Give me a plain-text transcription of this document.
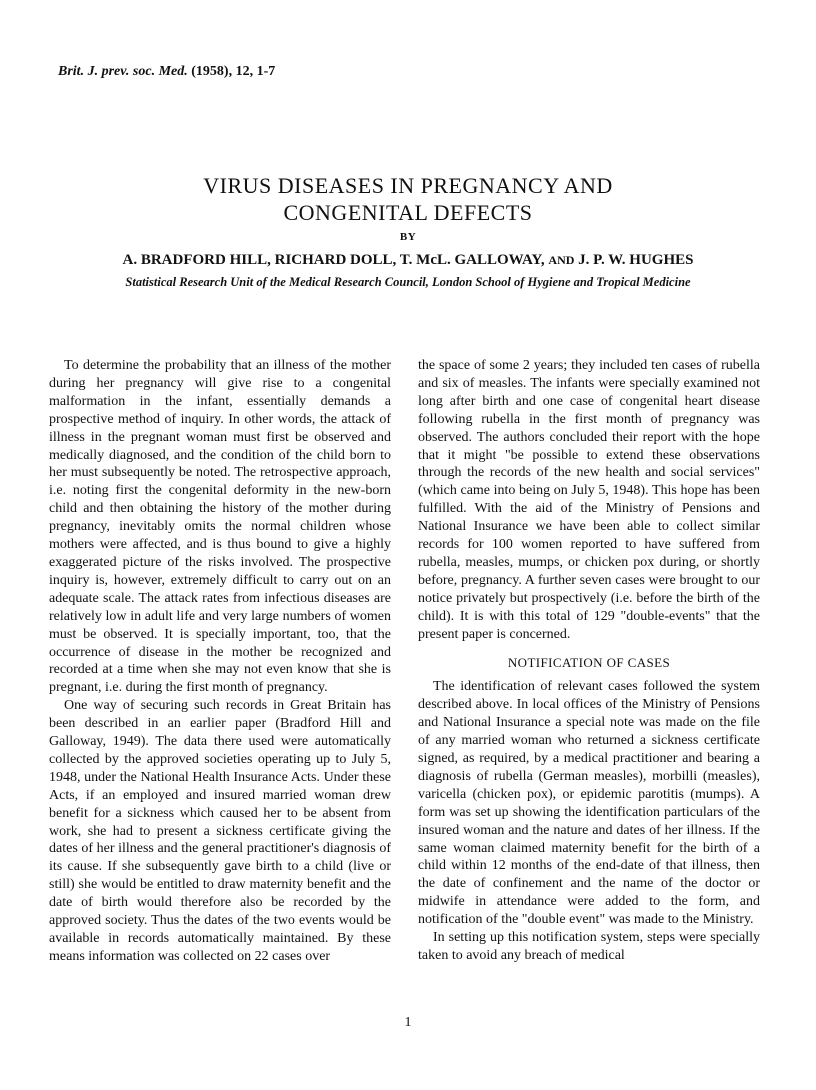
Brit. J. prev. soc. Med. (1958), 12, 1-7
VIRUS DISEASES IN PREGNANCY AND
CONGENITAL DEFECTS
BY
A. BRADFORD HILL, RICHARD DOLL, T. McL. GALLOWAY, AND J. P. W. HUGHES
Statistical Research Unit of the Medical Research Council, London School of Hygiene and Tropical Medicine

To determine the probability that an illness of the mother during her pregnancy will give rise to a congenital malformation in the infant, essentially demands a prospective method of inquiry. In other words, the attack of illness in the pregnant woman must first be observed and medically diagnosed, and the condition of the child born to her must subsequently be noted. The retrospective approach, i.e. noting first the congenital deformity in the new-born child and then obtaining the history of the mother during pregnancy, inevitably omits the normal children whose mothers were affected, and is thus bound to give a highly exaggerated picture of the risks involved. The prospective inquiry is, however, extremely difficult to carry out on an adequate scale. The attack rates from infectious diseases are relatively low in adult life and very large numbers of women must be observed. It is specially important, too, that the occurrence of disease in the mother be recognized and recorded at a time when she may not even know that she is pregnant, i.e. during the first month of pregnancy.

One way of securing such records in Great Britain has been described in an earlier paper (Bradford Hill and Galloway, 1949). The data there used were automatically collected by the approved societies operating up to July 5, 1948, under the National Health Insurance Acts. Under these Acts, if an employed and insured married woman drew benefit for a sickness which caused her to be absent from work, she had to present a sickness certificate giving the dates of her illness and the general practitioner's diagnosis of its cause. If she subsequently gave birth to a child (live or still) she would be entitled to draw maternity benefit and the date of birth would therefore also be recorded by the approved society. Thus the dates of the two events would be available in records automatically maintained. By these means information was collected on 22 cases over

the space of some 2 years; they included ten cases of rubella and six of measles. The infants were specially examined not long after birth and one case of congenital heart disease following rubella in the first month of pregnancy was observed. The authors concluded their report with the hope that it might "be possible to extend these observations through the records of the new health and social services" (which came into being on July 5, 1948). This hope has been fulfilled. With the aid of the Ministry of Pensions and National Insurance we have been able to collect similar records for 100 women reported to have suffered from rubella, measles, mumps, or chicken pox during, or shortly before, pregnancy. A further seven cases were brought to our notice privately but prospectively (i.e. before the birth of the child). It is with this total of 129 "double-events" that the present paper is concerned.

NOTIFICATION OF CASES

The identification of relevant cases followed the system described above. In local offices of the Ministry of Pensions and National Insurance a special note was made on the file of any married woman who returned a sickness certificate signed, as required, by a medical practitioner and bearing a diagnosis of rubella (German measles), morbilli (measles), varicella (chicken pox), or epidemic parotitis (mumps). A form was set up showing the identification particulars of the insured woman and the nature and dates of her illness. If the same woman claimed maternity benefit for the birth of a child within 12 months of the end-date of that illness, then the date of confinement and the name of the doctor or midwife in attendance were added to the form, and notification of the "double event" was made to the Ministry.

In setting up this notification system, steps were specially taken to avoid any breach of medical

1
